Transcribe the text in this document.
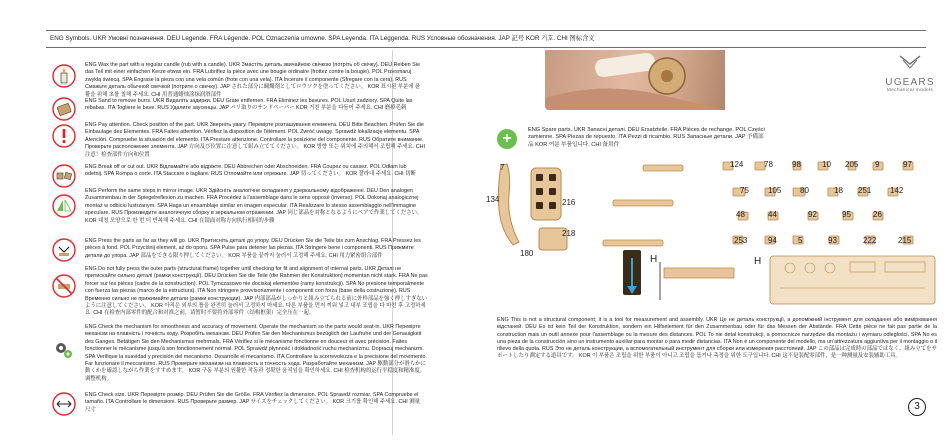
ENG Symbols. UKR Умовні позначення. DEU Legende. FRA Légende. POL Oznaczenia umowne. SPA Leyenda. ITA Leggenda. RUS Условные обозначения. JAP 記号 KOR 기호. CHI 图标含义
ENG Wax the part with a regular candle (rub with a candle). UKR Змастіть деталь звичайною свічкою (потріть об свічку). DEU Reiben Sie das Teil mit einer einfachen Kerze etwas ein. FRA Lubrifiez la pièce avec une bougie ordinaire (frottez contre la bougie). POL Przesmaruj zwykłą świecą. SPA Engrase la pieza con una vela común (frote con una vela). ITA Incerare il componente (Sfregare con la cera). RUS Смажьте деталь обычной свечкой (потрите о свечку). JAP された部分に蝋燭剤としてロウソクを塗ってください。 KOR 표시된 부분에 윤활을 위해 초를 칠해 주세요. CHI 用普通蜡烛涂抹润滑部件
ENG Sand to remove burrs. UKR Видаліть задирки. DEU Grate entfernen. FRA Éliminez les bavures. POL Usuń zadziory. SPA Quite las rebabas. ITA Togliere le bave. RUS Удалите заусенцы. JAP バリ取りのサンドペーパー KOR 거친 부분을 다듬어 주세요. CHI 磨掉毛刺
ENG Pay attention. Check position of the part. UKR Зверніть увагу. Перевірте розташування елемента. DEU Bitte Beachten. Prüfen Sie die Einbaulage des Elementes. FRA Faites attention. Vérifiez la disposition de l'élément. POL Zwróć uwagę. Sprawdź lokalizację elementu. SPA Atención. Compruebe la situación del elemento. ITA Prestare attenzione. Controllare la posizione del componente. RUS Обратите внимание. Проверьте расположение элемента. JAP 方向及び位置に注意して組み立ててください。 KOR 방향 또는 위치에 주의해서 조립해 주세요. CHI 注意！检查部件方向和位置
ENG Break off or cut out. UKR Відламайте або відріжте. DEU Abbrechen oder Abschneiden. FRA Coupez ou cassez. POL Odłam lub odetnij. SPA Rompa o corte. ITA Staccare o tagliare. RUS Отломайте или отрежьте. JAP 切ってください。 KOR 잘라내 주세요. CHI 切断
ENG Perform the same steps in mirror image. UKR Здійсніть аналогічне складання у дзеркальному відображенні. DEU Den analogen Zusammenbau in der Spiegelreflexion zu machen. FRA Procédez à l'assemblage dans le sens opposé (inverse). POL Dokonaj analogicznej montaż w odbiciu lustrzanym. SPA Haga un ensamblaje similar en imagen especular. ITA Realizzare lo stesso assemblaggio nell'immagine speculare. RUS Произведите аналогичную сборку в зеркальном отражении. JAP 同じ部品を対称となるようにペアで作業してください。 KOR 대칭 모양으로 한 번 더 반복해 주세요. CHI 在镜面对称方向执行相同的步骤
ENG Press the parts as far as they will go. UKR Притисніть деталі до упору. DEU Drücken Sie die Teile bis zum Anschlag. FRA Pressez les pièces à fond. POL Przyciśnij element, aż do oporu. SPA Pulse para detener las piezas. ITA Stringere bene i componenti. RUS Прижмите детали до упора. JAP 部品をできる限り押してください。 KOR 부품을 끝까지 눌러서 고정해 주세요. CHI 用力紧密组合部件
ENG Do not fully press the outer parts (structural frame) together until checking for fit and alignment of internal parts. UKR Деталі не притискайте сильно деталі (рамки конструкції). DEU Drücken Sie die Teile (die Rahmen der Konstruktion) momentan nicht stark. FRA Ne pas forcer sur les pièces (cadre de la construction). POL Tymczasowo nie dociskaj elementów (ramy konstrukcji). SPA No presione temporalmente con fuerza las piezas (marco de la estructura). ITA Non stringere provvisoriamente i componenti con forza (base della costruzione). RUS Временно сильно не прижимайте детали (рамки конструкции). JAP 内部部品がしっかりと組み立てられる前に外枠部品を強く押しすぎないように注意してください。 KOR 아직은 외부의 틀을 완전히 눌러서 고정하지 마세요. 다른 부품을 먼저 끼워 넣고 내부 조립을 다 마친 후 고정하세요. CHI 在检查内部零件的配合和对准之前，请暂时不要将外部零件（结构框架）完全压在一起。
ENG Check the mechanism for smoothness and accuracy of movement. Operate the mechanism so the parts would seat-in. UKR Перевірте механізм на плавність і точність ходу. Розробіть механізм. DEU Prüfen Sie den Mechanismus bezüglich der Laufruhe und der Genauigkeit des Ganges. Betätigen Sie den Mechanismus mehrmals. FRA Vérifiez si le mécanisme fonctionne en douceur et avec précision. Faites fonctionner le mécanisme jusqu'à son fonctionnement normal. POL Sprawdź płynność i dokładność ruchu mechanizmu. Dopracuj mechanizm. SPA Verifique la suavidad y precisión del mecanismo. Desarrolle el mecanismo. ITA Controllare la scorrevolezza e la precisione del movimento. Far funzionare il meccanismo. RUS Проверьте механизм на плавность и точность хода. Разработайте механизм. JAP 駆動部分が滑らかに動くかを確認しながら作業をすすめます。 KOR 구동 부분의 원활한 작동과 정확한 움직임을 확인하세요. CHI 检查机构的运行平稳度和精准度。调整机构。
ENG Check size. UKR Перевірте розмір. DEU Prüfen Sie die Größe. FRA Vérifiez la dimension. POL Sprawdź rozmiar. SPA Compruebe el tamaño. ITA Controllare le dimensioni. RUS Проверьте размер. JAP サイズをチェックしてください。 KOR 크기를 확인해 주세요. CHI 测量尺寸
UGEARS
Mechanical models
+	ENG Spare parts. UKR Запасні деталі. DEU Ersatzteile. FRA Pièces de rechange. POL Części zamienne. SPA Piezas de repuesto. ITA Pezzi di ricambio. RUS Запасные детали. JAP 予備部品 KOR 여분 부품입니다. CHI 备用件
124	78 98	10 205 9	97
75 105 80	18 251 142
48	44	92	95	26
253	94	5	93	222	215
7
134	216
218
180
H	H
ENG This is not a structural component; it is a tool for measurement and assembly. UKR Це не деталь конструкції, а допоміжний інструмент для складання або вимірювання відстаней. DEU Es ist kein Teil der Konstruktion, sondern ein Hilfselement für den Zusammenbau oder für das Messen der Abstände. FRA Cette pièce ne fait pas partie de la construction mais un outil annexe pour l'assemblage ou la mesure des distances. POL To nie detal konstrukcji, a pomocnicze narzędzie dla montażu i wymiaru odległości. SPA No es una pieza de la construcción sino un instrumento auxiliar para montar o para medir distancias. ITA Non è un componente del modello, ma un'attrezzatura aggiuntiva per il montaggio o il rilievo della quota. RUS Это не деталь конструкции, а вспомогательный инструмент для сборки или измерения расстояний. JAP この部品は完成時の部品ではなく、組み立てをサポートしたり測定する道具です。 KOR 이 부품은 조립을 위한 부품이 아니고 조립을 돕거나 측정을 위한 도구입니다. CHI 这不是装配零部件，是一种测量及安装辅助工具。
3
